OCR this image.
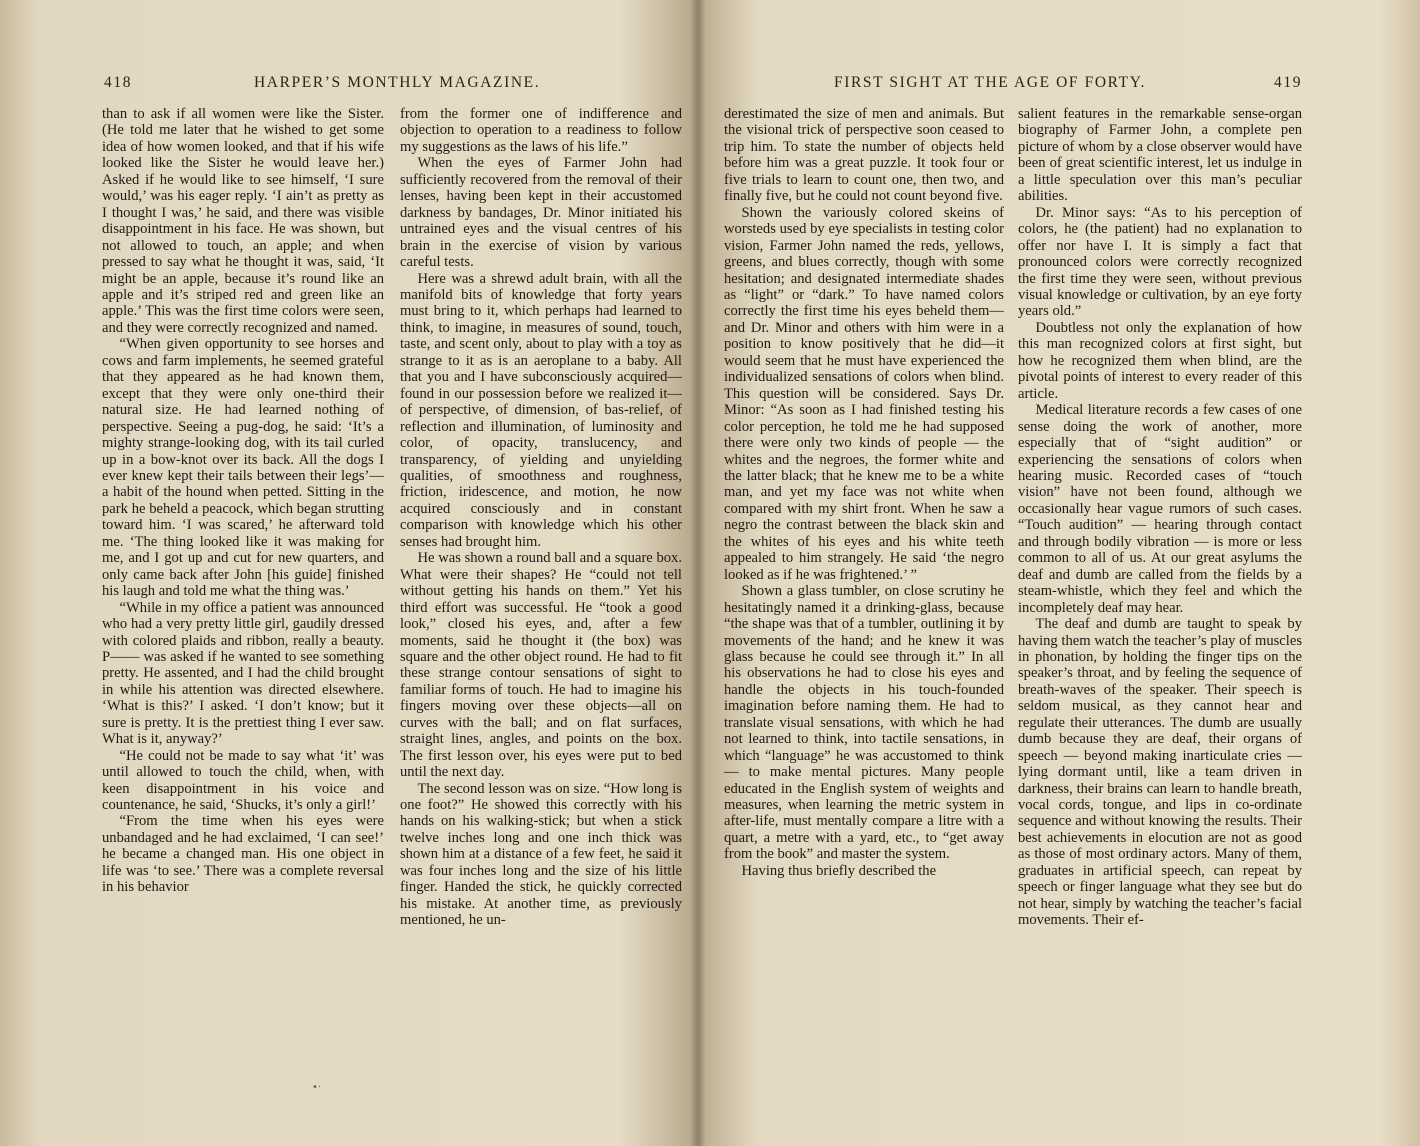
418	HARPER’S MONTHLY MAGAZINE.

than to ask if all women were like the Sister. (He told me later that he wished to get some idea of how women looked, and that if his wife looked like the Sister he would leave her.) Asked if he would like to see himself, ‘I sure would,’ was his eager reply. ‘I ain’t as pretty as I thought I was,’ he said, and there was visible disappointment in his face. He was shown, but not allowed to touch, an apple; and when pressed to say what he thought it was, said, ‘It might be an apple, because it’s round like an apple and it’s striped red and green like an apple.’ This was the first time colors were seen, and they were correctly recognized and named.

“When given opportunity to see horses and cows and farm implements, he seemed grateful that they appeared as he had known them, except that they were only one-third their natural size. He had learned nothing of perspective. Seeing a pug-dog, he said: ‘It’s a mighty strange-looking dog, with its tail curled up in a bow-knot over its back. All the dogs I ever knew kept their tails between their legs’—a habit of the hound when petted. Sitting in the park he beheld a peacock, which began strutting toward him. ‘I was scared,’ he afterward told me. ‘The thing looked like it was making for me, and I got up and cut for new quarters, and only came back after John [his guide] finished his laugh and told me what the thing was.’

“While in my office a patient was announced who had a very pretty little girl, gaudily dressed with colored plaids and ribbon, really a beauty. P—— was asked if he wanted to see something pretty. He assented, and I had the child brought in while his attention was directed elsewhere. ‘What is this?’ I asked. ‘I don’t know; but it sure is pretty. It is the prettiest thing I ever saw. What is it, anyway?’

“He could not be made to say what ‘it’ was until allowed to touch the child, when, with keen disappointment in his voice and countenance, he said, ‘Shucks, it’s only a girl!’

“From the time when his eyes were unbandaged and he had exclaimed, ‘I can see!’ he became a changed man. His one object in life was ‘to see.’ There was a complete reversal in his behavior

from the former one of indifference and objection to operation to a readiness to follow my suggestions as the laws of his life.”

When the eyes of Farmer John had sufficiently recovered from the removal of their lenses, having been kept in their accustomed darkness by bandages, Dr. Minor initiated his untrained eyes and the visual centres of his brain in the exercise of vision by various careful tests.

Here was a shrewd adult brain, with all the manifold bits of knowledge that forty years must bring to it, which perhaps had learned to think, to imagine, in measures of sound, touch, taste, and scent only, about to play with a toy as strange to it as is an aeroplane to a baby. All that you and I have subconsciously acquired—found in our possession before we realized it—of perspective, of dimension, of bas-relief, of reflection and illumination, of luminosity and color, of opacity, translucency, and transparency, of yielding and unyielding qualities, of smoothness and roughness, friction, iridescence, and motion, he now acquired consciously and in constant comparison with knowledge which his other senses had brought him.

He was shown a round ball and a square box. What were their shapes? He “could not tell without getting his hands on them.” Yet his third effort was successful. He “took a good look,” closed his eyes, and, after a few moments, said he thought it (the box) was square and the other object round. He had to fit these strange contour sensations of sight to familiar forms of touch. He had to imagine his fingers moving over these objects—all on curves with the ball; and on flat surfaces, straight lines, angles, and points on the box. The first lesson over, his eyes were put to bed until the next day.

The second lesson was on size. “How long is one foot?” He showed this correctly with his hands on his walking-stick; but when a stick twelve inches long and one inch thick was shown him at a distance of a few feet, he said it was four inches long and the size of his little finger. Handed the stick, he quickly corrected his mistake. At another time, as previously mentioned, he un-

•·
FIRST SIGHT AT THE AGE OF FORTY.	419

derestimated the size of men and animals. But the visional trick of perspective soon ceased to trip him. To state the number of objects held before him was a great puzzle. It took four or five trials to learn to count one, then two, and finally five, but he could not count beyond five.

Shown the variously colored skeins of worsteds used by eye specialists in testing color vision, Farmer John named the reds, yellows, greens, and blues correctly, though with some hesitation; and designated intermediate shades as “light” or “dark.” To have named colors correctly the first time his eyes beheld them—and Dr. Minor and others with him were in a position to know positively that he did—it would seem that he must have experienced the individualized sensations of colors when blind. This question will be considered. Says Dr. Minor: “As soon as I had finished testing his color perception, he told me he had supposed there were only two kinds of people — the whites and the negroes, the former white and the latter black; that he knew me to be a white man, and yet my face was not white when compared with my shirt front. When he saw a negro the contrast between the black skin and the whites of his eyes and his white teeth appealed to him strangely. He said ‘the negro looked as if he was frightened.’ ”

Shown a glass tumbler, on close scrutiny he hesitatingly named it a drinking-glass, because “the shape was that of a tumbler, outlining it by movements of the hand; and he knew it was glass because he could see through it.” In all his observations he had to close his eyes and handle the objects in his touch-founded imagination before naming them. He had to translate visual sensations, with which he had not learned to think, into tactile sensations, in which “language” he was accustomed to think — to make mental pictures. Many people educated in the English system of weights and measures, when learning the metric system in after-life, must mentally compare a litre with a quart, a metre with a yard, etc., to “get away from the book” and master the system.

Having thus briefly described the

salient features in the remarkable sense-organ biography of Farmer John, a complete pen picture of whom by a close observer would have been of great scientific interest, let us indulge in a little speculation over this man’s peculiar abilities.

Dr. Minor says: “As to his perception of colors, he (the patient) had no explanation to offer nor have I. It is simply a fact that pronounced colors were correctly recognized the first time they were seen, without previous visual knowledge or cultivation, by an eye forty years old.”

Doubtless not only the explanation of how this man recognized colors at first sight, but how he recognized them when blind, are the pivotal points of interest to every reader of this article.

Medical literature records a few cases of one sense doing the work of another, more especially that of “sight audition” or experiencing the sensations of colors when hearing music. Recorded cases of “touch vision” have not been found, although we occasionally hear vague rumors of such cases. “Touch audition” — hearing through contact and through bodily vibration — is more or less common to all of us. At our great asylums the deaf and dumb are called from the fields by a steam-whistle, which they feel and which the incompletely deaf may hear.

The deaf and dumb are taught to speak by having them watch the teacher’s play of muscles in phonation, by holding the finger tips on the speaker’s throat, and by feeling the sequence of breath-waves of the speaker. Their speech is seldom musical, as they cannot hear and regulate their utterances. The dumb are usually dumb because they are deaf, their organs of speech — beyond making inarticulate cries — lying dormant until, like a team driven in darkness, their brains can learn to handle breath, vocal cords, tongue, and lips in co-ordinate sequence and without knowing the results. Their best achievements in elocution are not as good as those of most ordinary actors. Many of them, graduates in artificial speech, can repeat by speech or finger language what they see but do not hear, simply by watching the teacher’s facial movements. Their ef-
